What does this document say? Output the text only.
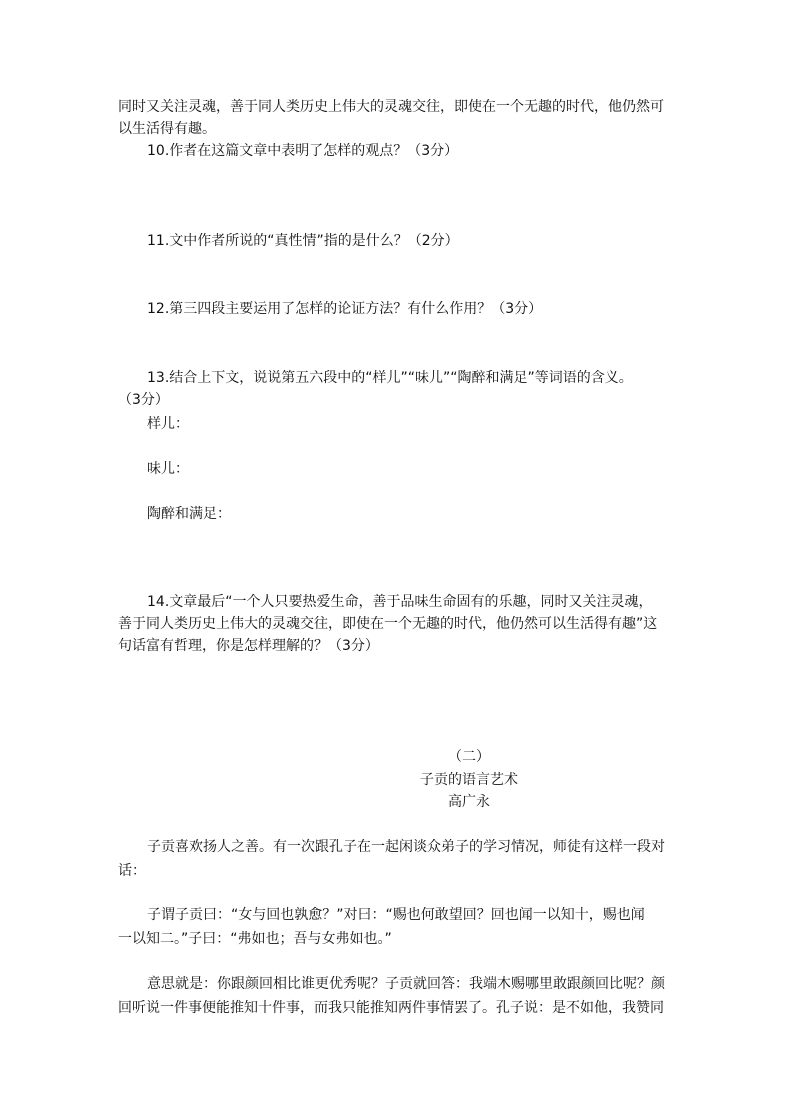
同时又关注灵魂，善于同人类历史上伟大的灵魂交往，即使在一个无趣的时代，他仍然可
以生活得有趣。
10.作者在这篇文章中表明了怎样的观点？（3分）
11.文中作者所说的“真性情”指的是什么？（2分）
12.第三四段主要运用了怎样的论证方法？有什么作用？（3分）
13.结合上下文，说说第五六段中的“样儿”“味儿”“陶醉和满足”等词语的含义。
（3分）
样儿：
味儿：
陶醉和满足：
14.文章最后“一个人只要热爱生命，善于品味生命固有的乐趣，同时又关注灵魂，
善于同人类历史上伟大的灵魂交往，即使在一个无趣的时代，他仍然可以生活得有趣”这
句话富有哲理，你是怎样理解的？（3分）
（二）
子贡的语言艺术
高广永
子贡喜欢扬人之善。有一次跟孔子在一起闲谈众弟子的学习情况，师徒有这样一段对
话：
子谓子贡曰：“女与回也孰愈？”对曰：“赐也何敢望回？回也闻一以知十，赐也闻
一以知二。”子曰：“弗如也；吾与女弗如也。”
意思就是：你跟颜回相比谁更优秀呢？子贡就回答：我端木赐哪里敢跟颜回比呢？颜
回听说一件事便能推知十件事，而我只能推知两件事情罢了。孔子说：是不如他，我赞同
